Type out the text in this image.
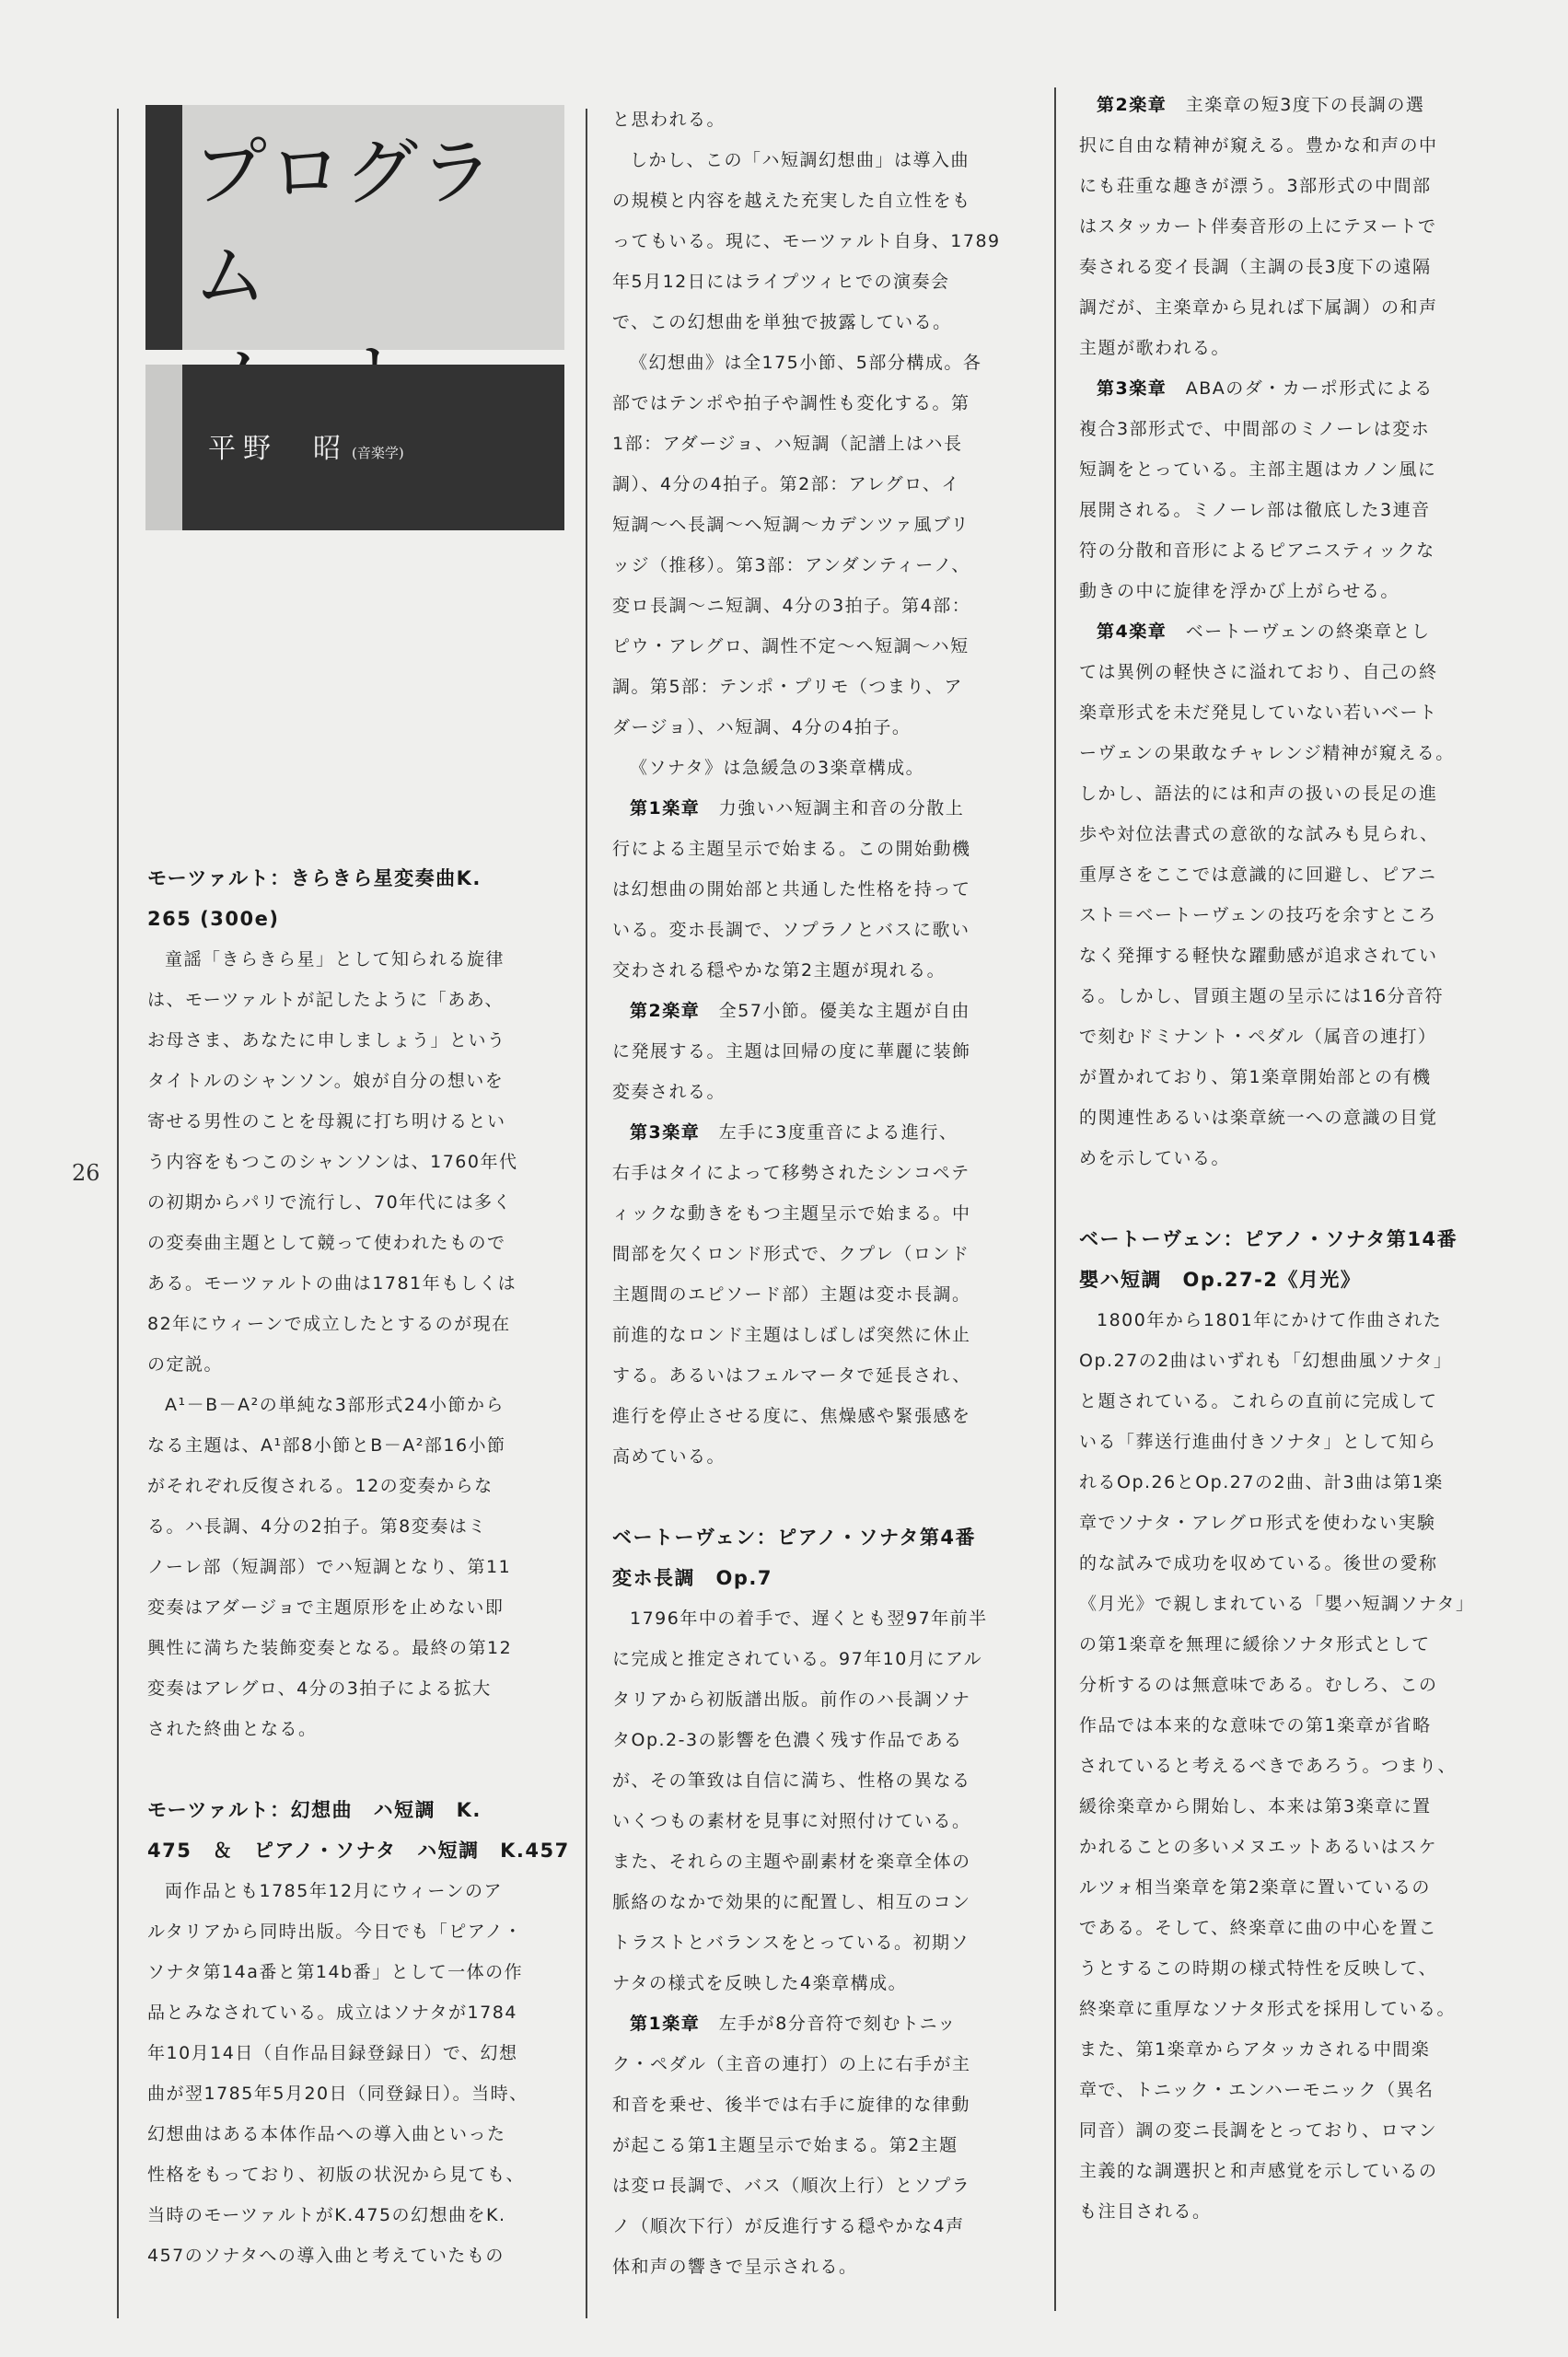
26
プログラム
平野　昭 (音楽学)
モーツァルト：きらきら星変奏曲K.
265 (300e)

童謡「きらきら星」として知られる旋律
は、モーツァルトが記したように「ああ、
お母さま、あなたに申しましょう」という
タイトルのシャンソン。娘が自分の想いを
寄せる男性のことを母親に打ち明けるとい
う内容をもつこのシャンソンは、1760年代
の初期からパリで流行し、70年代には多く
の変奏曲主題として競って使われたもので
ある。モーツァルトの曲は1781年もしくは
82年にウィーンで成立したとするのが現在
の定説。

A¹－B－A²の単純な3部形式24小節から
なる主題は、A¹部8小節とB－A²部16小節
がそれぞれ反復される。12の変奏からな
る。ハ長調、4分の2拍子。第8変奏はミ
ノーレ部（短調部）でハ短調となり、第11
変奏はアダージョで主題原形を止めない即
興性に満ちた装飾変奏となる。最終の第12
変奏はアレグロ、4分の3拍子による拡大
された終曲となる。

モーツァルト：幻想曲　ハ短調　K.
475　＆　ピアノ・ソナタ　ハ短調　K.457

両作品とも1785年12月にウィーンのア
ルタリアから同時出版。今日でも「ピアノ・
ソナタ第14a番と第14b番」として一体の作
品とみなされている。成立はソナタが1784
年10月14日（自作品目録登録日）で、幻想
曲が翌1785年5月20日（同登録日）。当時、
幻想曲はある本体作品への導入曲といった
性格をもっており、初版の状況から見ても、
当時のモーツァルトがK.475の幻想曲をK.
457のソナタへの導入曲と考えていたもの

と思われる。

しかし、この「ハ短調幻想曲」は導入曲
の規模と内容を越えた充実した自立性をも
ってもいる。現に、モーツァルト自身、1789
年5月12日にはライプツィヒでの演奏会
で、この幻想曲を単独で披露している。

《幻想曲》は全175小節、5部分構成。各
部ではテンポや拍子や調性も変化する。第
1部：アダージョ、ハ短調（記譜上はハ長
調）、4分の4拍子。第2部：アレグロ、イ
短調～ヘ長調～ヘ短調～カデンツァ風ブリ
ッジ（推移）。第3部：アンダンティーノ、
変ロ長調～ニ短調、4分の3拍子。第4部：
ピウ・アレグロ、調性不定～ヘ短調～ハ短
調。第5部：テンポ・プリモ（つまり、ア
ダージョ）、ハ短調、4分の4拍子。

《ソナタ》は急緩急の3楽章構成。

第1楽章　力強いハ短調主和音の分散上
行による主題呈示で始まる。この開始動機
は幻想曲の開始部と共通した性格を持って
いる。変ホ長調で、ソプラノとバスに歌い
交わされる穏やかな第2主題が現れる。

第2楽章　全57小節。優美な主題が自由
に発展する。主題は回帰の度に華麗に装飾
変奏される。

第3楽章　左手に3度重音による進行、
右手はタイによって移勢されたシンコペテ
ィックな動きをもつ主題呈示で始まる。中
間部を欠くロンド形式で、クプレ（ロンド
主題間のエピソード部）主題は変ホ長調。
前進的なロンド主題はしばしば突然に休止
する。あるいはフェルマータで延長され、
進行を停止させる度に、焦燥感や緊張感を
高めている。

ベートーヴェン：ピアノ・ソナタ第4番
変ホ長調　Op.7

1796年中の着手で、遅くとも翌97年前半
に完成と推定されている。97年10月にアル
タリアから初版譜出版。前作のハ長調ソナ
タOp.2-3の影響を色濃く残す作品である
が、その筆致は自信に満ち、性格の異なる
いくつもの素材を見事に対照付けている。
また、それらの主題や副素材を楽章全体の
脈絡のなかで効果的に配置し、相互のコン
トラストとバランスをとっている。初期ソ
ナタの様式を反映した4楽章構成。

第1楽章　左手が8分音符で刻むトニッ
ク・ペダル（主音の連打）の上に右手が主
和音を乗せ、後半では右手に旋律的な律動
が起こる第1主題呈示で始まる。第2主題
は変ロ長調で、バス（順次上行）とソプラ
ノ（順次下行）が反進行する穏やかな4声
体和声の響きで呈示される。

第2楽章　主楽章の短3度下の長調の選
択に自由な精神が窺える。豊かな和声の中
にも荘重な趣きが漂う。3部形式の中間部
はスタッカート伴奏音形の上にテヌートで
奏される変イ長調（主調の長3度下の遠隔
調だが、主楽章から見れば下属調）の和声
主題が歌われる。

第3楽章　ABAのダ・カーポ形式による
複合3部形式で、中間部のミノーレは変ホ
短調をとっている。主部主題はカノン風に
展開される。ミノーレ部は徹底した3連音
符の分散和音形によるピアニスティックな
動きの中に旋律を浮かび上がらせる。

第4楽章　ベートーヴェンの終楽章とし
ては異例の軽快さに溢れており、自己の終
楽章形式を未だ発見していない若いベート
ーヴェンの果敢なチャレンジ精神が窺える。
しかし、語法的には和声の扱いの長足の進
歩や対位法書式の意欲的な試みも見られ、
重厚さをここでは意識的に回避し、ピアニ
スト＝ベートーヴェンの技巧を余すところ
なく発揮する軽快な躍動感が追求されてい
る。しかし、冒頭主題の呈示には16分音符
で刻むドミナント・ペダル（属音の連打）
が置かれており、第1楽章開始部との有機
的関連性あるいは楽章統一への意識の目覚
めを示している。

ベートーヴェン：ピアノ・ソナタ第14番
嬰ハ短調　Op.27-2《月光》

1800年から1801年にかけて作曲された
Op.27の2曲はいずれも「幻想曲風ソナタ」
と題されている。これらの直前に完成して
いる「葬送行進曲付きソナタ」として知ら
れるOp.26とOp.27の2曲、計3曲は第1楽
章でソナタ・アレグロ形式を使わない実験
的な試みで成功を収めている。後世の愛称
《月光》で親しまれている「嬰ハ短調ソナタ」
の第1楽章を無理に緩徐ソナタ形式として
分析するのは無意味である。むしろ、この
作品では本来的な意味での第1楽章が省略
されていると考えるべきであろう。つまり、
緩徐楽章から開始し、本来は第3楽章に置
かれることの多いメヌエットあるいはスケ
ルツォ相当楽章を第2楽章に置いているの
である。そして、終楽章に曲の中心を置こ
うとするこの時期の様式特性を反映して、
終楽章に重厚なソナタ形式を採用している。
また、第1楽章からアタッカされる中間楽
章で、トニック・エンハーモニック（異名
同音）調の変ニ長調をとっており、ロマン
主義的な調選択と和声感覚を示しているの
も注目される。
